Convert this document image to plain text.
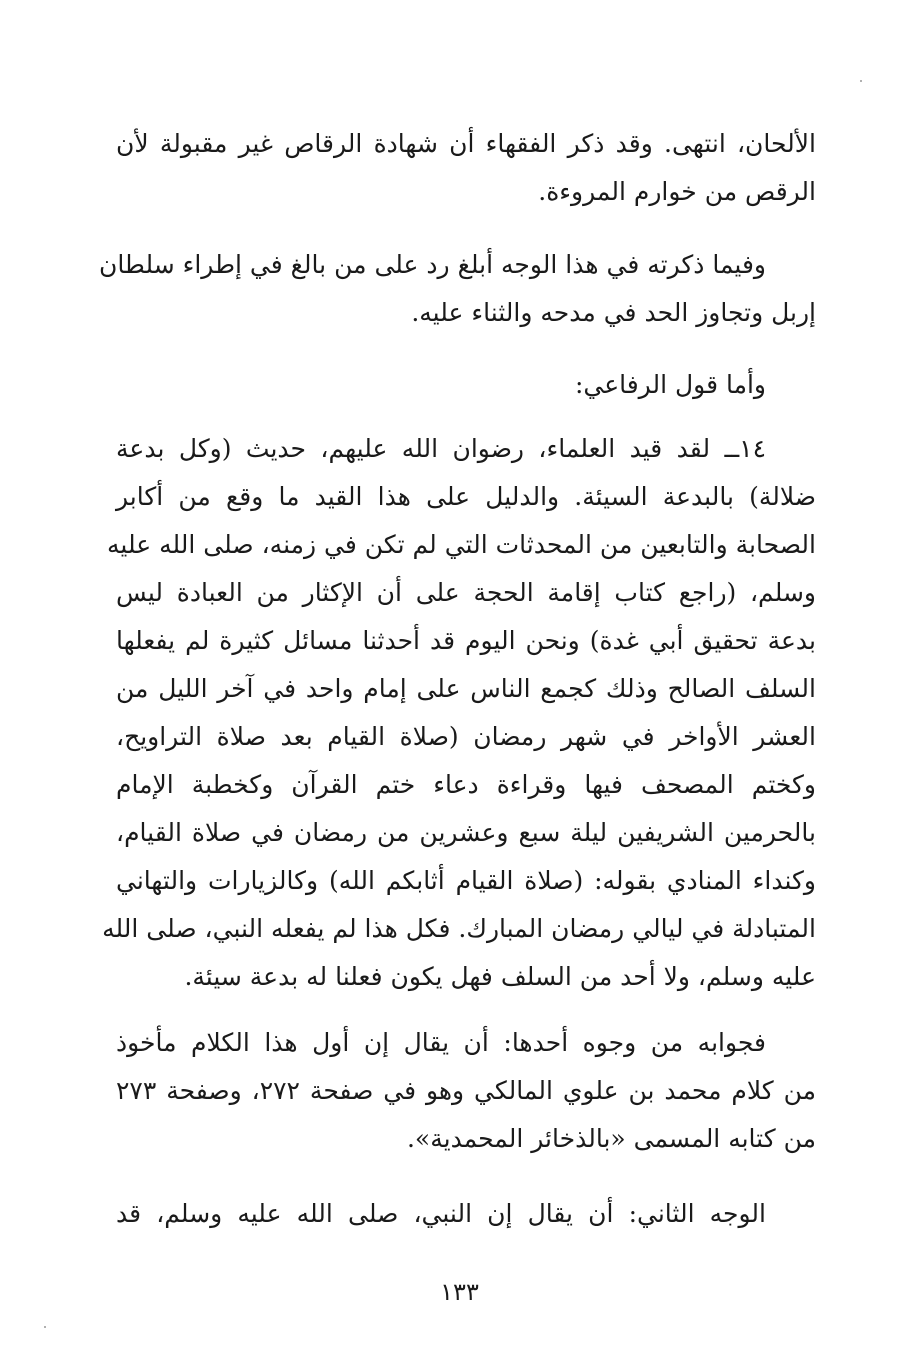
الألحان، انتهى. وقد ذكر الفقهاء أن شهادة الرقاص غير مقبولة لأن
الرقص من خوارم المروءة.
وفيما ذكرته في هذا الوجه أبلغ رد على من بالغ في إطراء سلطان
إربل وتجاوز الحد في مدحه والثناء عليه.
وأما قول الرفاعي:
١٤ــ لقد قيد العلماء، رضوان الله عليهم، حديث (وكل بدعة
ضلالة) بالبدعة السيئة. والدليل على هذا القيد ما وقع من أكابر
الصحابة والتابعين من المحدثات التي لم تكن في زمنه، صلى الله عليه
وسلم، (راجع كتاب إقامة الحجة على أن الإكثار من العبادة ليس
بدعة تحقيق أبي غدة) ونحن اليوم قد أحدثنا مسائل كثيرة لم يفعلها
السلف الصالح وذلك كجمع الناس على إمام واحد في آخر الليل من
العشر الأواخر في شهر رمضان (صلاة القيام بعد صلاة التراويح،
وكختم المصحف فيها وقراءة دعاء ختم القرآن وكخطبة الإمام
بالحرمين الشريفين ليلة سبع وعشرين من رمضان في صلاة القيام،
وكنداء المنادي بقوله: (صلاة القيام أثابكم الله) وكالزيارات والتهاني
المتبادلة في ليالي رمضان المبارك. فكل هذا لم يفعله النبي، صلى الله
عليه وسلم، ولا أحد من السلف فهل يكون فعلنا له بدعة سيئة.
فجوابه من وجوه أحدها: أن يقال إن أول هذا الكلام مأخوذ
من كلام محمد بن علوي المالكي وهو في صفحة ٢٧٢، وصفحة ٢٧٣
من كتابه المسمى «بالذخائر المحمدية».
الوجه الثاني: أن يقال إن النبي، صلى الله عليه وسلم، قد
١٣٣
